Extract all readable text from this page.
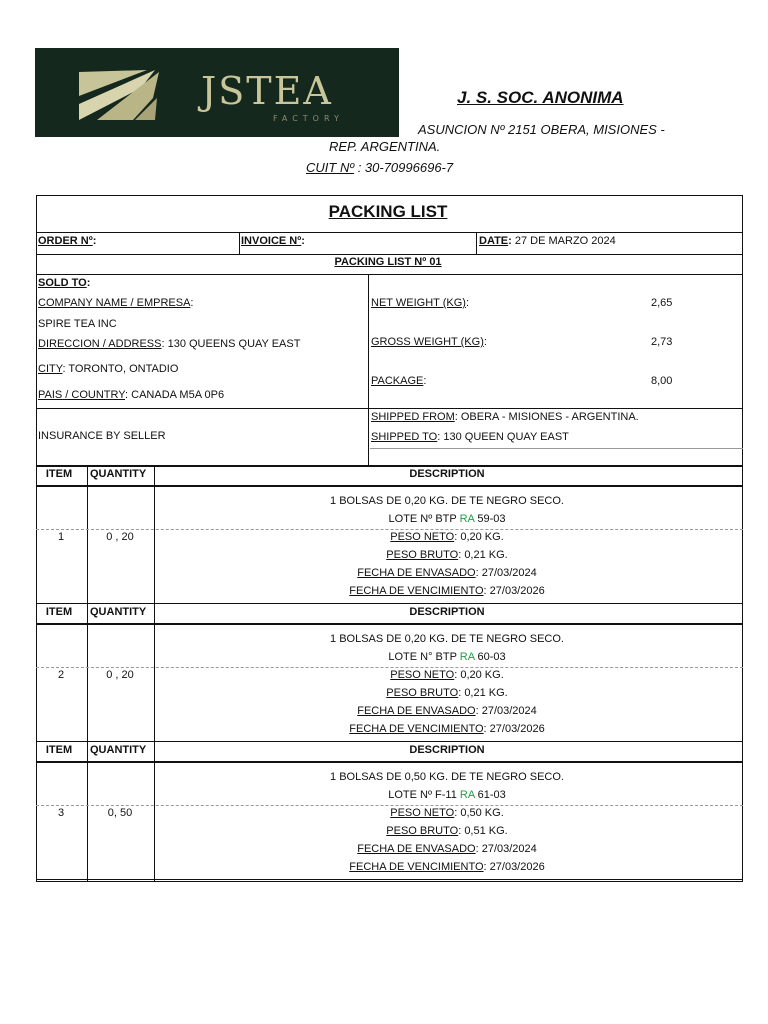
JSTEA
FACTORY
J. S. SOC. ANONIMA
ASUNCION Nº 2151 OBERA, MISIONES -
REP. ARGENTINA.
CUIT Nº : 30-70996696-7
PACKING LIST
ORDER Nº:	INVOICE Nº:	DATE: 27 DE MARZO 2024
PACKING LIST Nº 01
SOLD TO:
COMPANY NAME / EMPRESA:
SPIRE TEA INC
DIRECCION / ADDRESS: 130 QUEENS QUAY EAST
CITY: TORONTO, ONTADIO
PAIS / COUNTRY: CANADA M5A 0P6
NET WEIGHT (KG):	2,65
GROSS WEIGHT (KG):	2,73
PACKAGE:	8,00
INSURANCE BY SELLER
SHIPPED FROM: OBERA - MISIONES - ARGENTINA.
SHIPPED TO: 130 QUEEN QUAY EAST
ITEM QUANTITY	DESCRIPTION
1 BOLSAS DE 0,20 KG. DE TE NEGRO SECO.
LOTE Nº BTP RA 59-03
1	0 , 20	PESO NETO: 0,20 KG.
PESO BRUTO: 0,21 KG.
FECHA DE ENVASADO: 27/03/2024
FECHA DE VENCIMIENTO: 27/03/2026
ITEM QUANTITY	DESCRIPTION
1 BOLSAS DE 0,20 KG. DE TE NEGRO SECO.
LOTE N° BTP RA 60-03
2	0 , 20	PESO NETO: 0,20 KG.
PESO BRUTO: 0,21 KG.
FECHA DE ENVASADO: 27/03/2024
FECHA DE VENCIMIENTO: 27/03/2026
ITEM QUANTITY	DESCRIPTION
1 BOLSAS DE 0,50 KG. DE TE NEGRO SECO.
LOTE Nº F-11 RA 61-03
3	0, 50	PESO NETO: 0,50 KG.
PESO BRUTO: 0,51 KG.
FECHA DE ENVASADO: 27/03/2024
FECHA DE VENCIMIENTO: 27/03/2026
